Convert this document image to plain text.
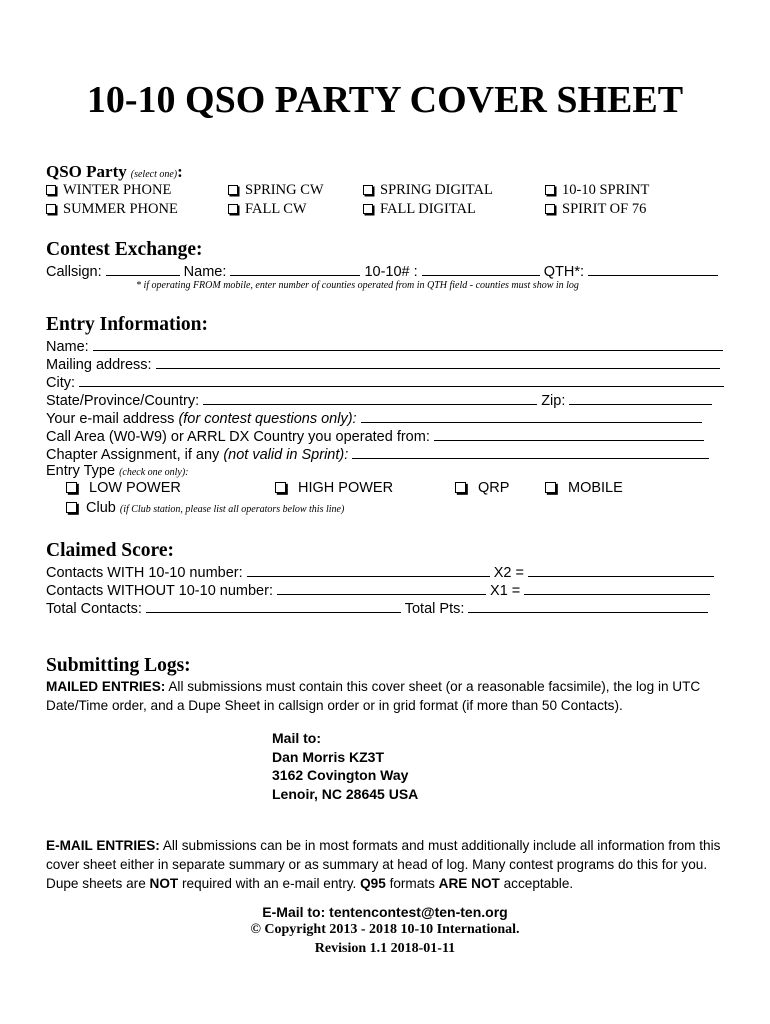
10-10 QSO PARTY COVER SHEET
QSO Party (select one):
WINTER PHONE	SPRING CW	SPRING DIGITAL	10-10 SPRINT
SUMMER PHONE	FALL CW	FALL DIGITAL	SPIRIT OF 76
Contest Exchange:
Callsign:	Name:	10-10# :	QTH*:
* if operating FROM mobile, enter number of counties operated from in QTH field - counties must show in log
Entry Information:
Name:
Mailing address:
City:
State/Province/Country:	Zip:
Your e-mail address (for contest questions only):
Call Area (W0-W9) or ARRL DX Country you operated from:
Chapter Assignment, if any (not valid in Sprint):
Entry Type (check one only):
LOW POWER	HIGH POWER	QRP	MOBILE
Club (if Club station, please list all operators below this line)
Claimed Score:
Contacts WITH 10-10 number:	X2 =
Contacts WITHOUT 10-10 number:	X1 =
Total Contacts:	Total Pts:
Submitting Logs:
MAILED ENTRIES: All submissions must contain this cover sheet (or a reasonable facsimile), the log in UTC Date/Time order, and a Dupe Sheet in callsign order or in grid format (if more than 50 Contacts).
Mail to:
Dan Morris KZ3T
3162 Covington Way
Lenoir, NC 28645 USA
E-MAIL ENTRIES: All submissions can be in most formats and must additionally include all information from this cover sheet either in separate summary or as summary at head of log. Many contest programs do this for you. Dupe sheets are NOT required with an e-mail entry. Q95 formats ARE NOT acceptable.
E-Mail to: tentencontest@ten-ten.org
© Copyright 2013 - 2018 10-10 International.
Revision 1.1 2018-01-11
